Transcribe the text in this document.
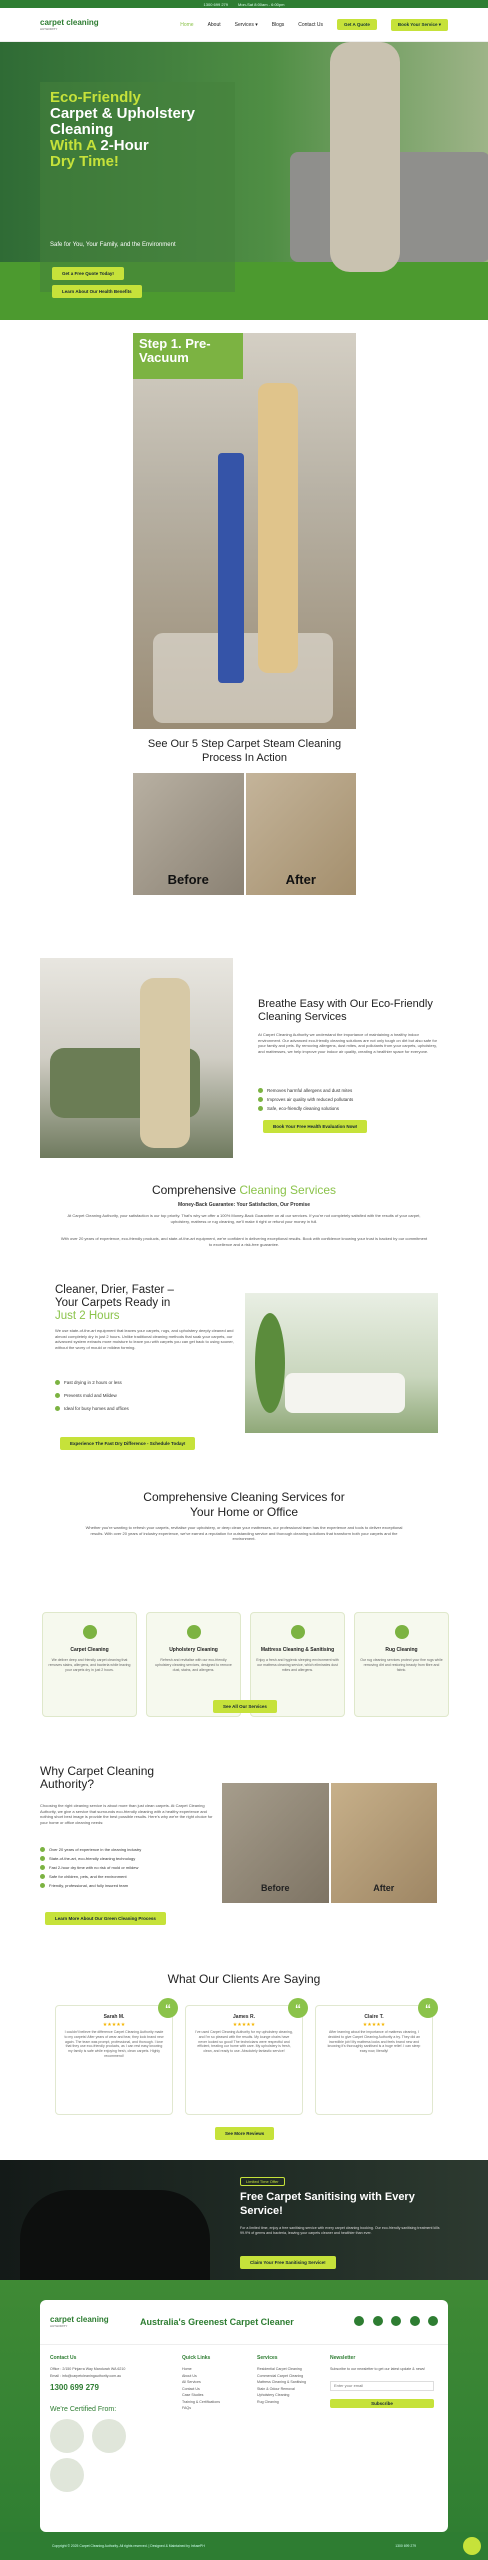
1300 699 279	Mon-Sat 8:00am - 6:00pm
carpet cleaning
AUTHORITY
Home	About	Services ▾	Blogs	Contact Us	Get A Quote	Book Your Service ▾
Eco-Friendly
Carpet & Upholstery
Cleaning
With A 2-Hour
Dry Time!
Safe for You, Your Family, and the Environment
Get a Free Quote Today!
Learn About Our Health Benefits
Step 1. Pre-Vacuum
See Our 5 Step Carpet Steam Cleaning Process In Action
Before	After
Breathe Easy with Our Eco-Friendly Cleaning Services
At Carpet Cleaning Authority we understand the importance of maintaining a healthy indoor environment. Our advanced eco-friendly cleaning solutions are not only tough on dirt but also safe for your family and pets. By removing allergens, dust mites, and pollutants from your carpets, upholstery, and mattresses, we help improve your indoor air quality, creating a healthier space for everyone.
Removes harmful allergens and dust mites
Improves air quality with reduced pollutants
Safe, eco-friendly cleaning solutions
Book Your Free Health Evaluation Now!
Comprehensive Cleaning Services
Money-Back Guarantee: Your Satisfaction, Our Promise
At Carpet Cleaning Authority, your satisfaction is our top priority. That's why we offer a 100% Money-Back Guarantee on all our services. If you're not completely satisfied with the results of your carpet, upholstery, mattress or rug cleaning, we'll make it right or refund your money in full.
With over 20 years of experience, eco-friendly products, and state-of-the-art equipment, we're confident in delivering exceptional results. Book with confidence knowing your trust is backed by our commitment to excellence and a risk-free guarantee.
Cleaner, Drier, Faster –
Your Carpets Ready in
Just 2 Hours
We use state-of-the-art equipment that leaves your carpets, rugs, and upholstery deeply cleaned and almost completely dry in just 2 hours. Unlike traditional cleaning methods that soak your carpets, our advanced system extracts more moisture to leave you with carpets you can get back to using sooner, without the worry of mould or mildew forming.
Fast drying in 2 hours or less
Prevents mold and Mildew
Ideal for busy homes and offices
Experience The Fast Dry Difference - Schedule Today!
Comprehensive Cleaning Services for
Your Home or Office
Whether you're wanting to refresh your carpets, revitalise your upholstery, or deep clean your mattresses, our professional team has the experience and tools to deliver exceptional results. With over 20 years of industry experience, we've earned a reputation for outstanding service and thorough cleaning solutions that transform both your carpets and the environment.
Carpet Cleaning
We deliver deep and friendly carpet cleaning that removes stains, allergens, and bacteria while leaving your carpets dry in just 2 hours.
Upholstery Cleaning
Refresh and revitalise with our eco-friendly upholstery cleaning services, designed to remove dust, stains, and allergens.
Mattress Cleaning & Sanitising
Enjoy a fresh and hygienic sleeping environment with our mattress cleaning service, which eliminates dust mites and allergens.
Rug Cleaning
Our rug cleaning services protect your fine rugs while removing dirt and restoring beauty from fibre and fabric.
See All Our Services
Why Carpet Cleaning Authority?
Choosing the right cleaning service is about more than just clean carpets. At Carpet Cleaning Authority, we give a service that surrounds eco-friendly cleaning with a healthy experience and nothing short best image is provide the best possible results. Here's why we're the right choice for your home or office cleaning needs:
Over 20 years of experience in the cleaning industry
State-of-the-art, eco-friendly cleaning technology
Fast 2-hour dry time with no risk of mold or mildew
Safe for children, pets, and the environment
Friendly, professional, and fully insured team
Learn More About Our Green Cleaning Process
Before	After
What Our Clients Are Saying
“
Sarah M.
★★★★★
I couldn't believe the difference Carpet Cleaning Authority made to my carpets! After years of wear and tear, they look brand new again. The team was prompt, professional, and thorough. I love that they use eco-friendly products, as I can rest easy knowing my family is safe while enjoying fresh, clean carpets. Highly recommend!
“
James R.
★★★★★
I've used Carpet Cleaning Authority for my upholstery cleaning, and I'm so pleased with the results. My lounge chairs have never looked so good! The technicians were respectful and efficient, treating our home with care. My upholstery is fresh, clean, and ready to use. Absolutely fantastic service!
“
Claire T.
★★★★★
After learning about the importance of mattress cleaning, I decided to give Carpet Cleaning Authority a try. They did an incredible job! My mattress looks and feels brand new and knowing it's thoroughly sanitised is a huge relief. I can sleep easy now, literally!
See More Reviews
Limited Time Offer
Free Carpet Sanitising with Every Service!

For a limited time, enjoy a free sanitising service with every carpet cleaning booking. Our eco-friendly sanitising treatment kills 99.9% of germs and bacteria, leaving your carpets cleaner and healthier than ever.

Claim Your Free Sanitising Service!
carpet cleaning
AUTHORITY	Australia's Greenest Carpet Cleaner

Contact Us
Office : 2/150 Pinjarra Way Mandurah WA 6210
Email : info@carpetcleaningauthority.com.au
1300 699 279
We're Certified From:
Quick Links
Home
About Us
All Services
Contact Us
Case Studies
Training & Certifications
FAQs
Services
Residential Carpet Cleaning
Commercial Carpet Cleaning
Mattress Cleaning & Sanitising
Stain & Odour Removal
Upholstery Cleaning
Rug Cleaning
Newsletter
Subscribe to our newsletter to get our latest update & news!
Enter your email Subscribe
Copyright © 2025 Carpet Cleaning Authority. All rights reserved. | Designed & Maintained by InfusePH	1300 699 279
